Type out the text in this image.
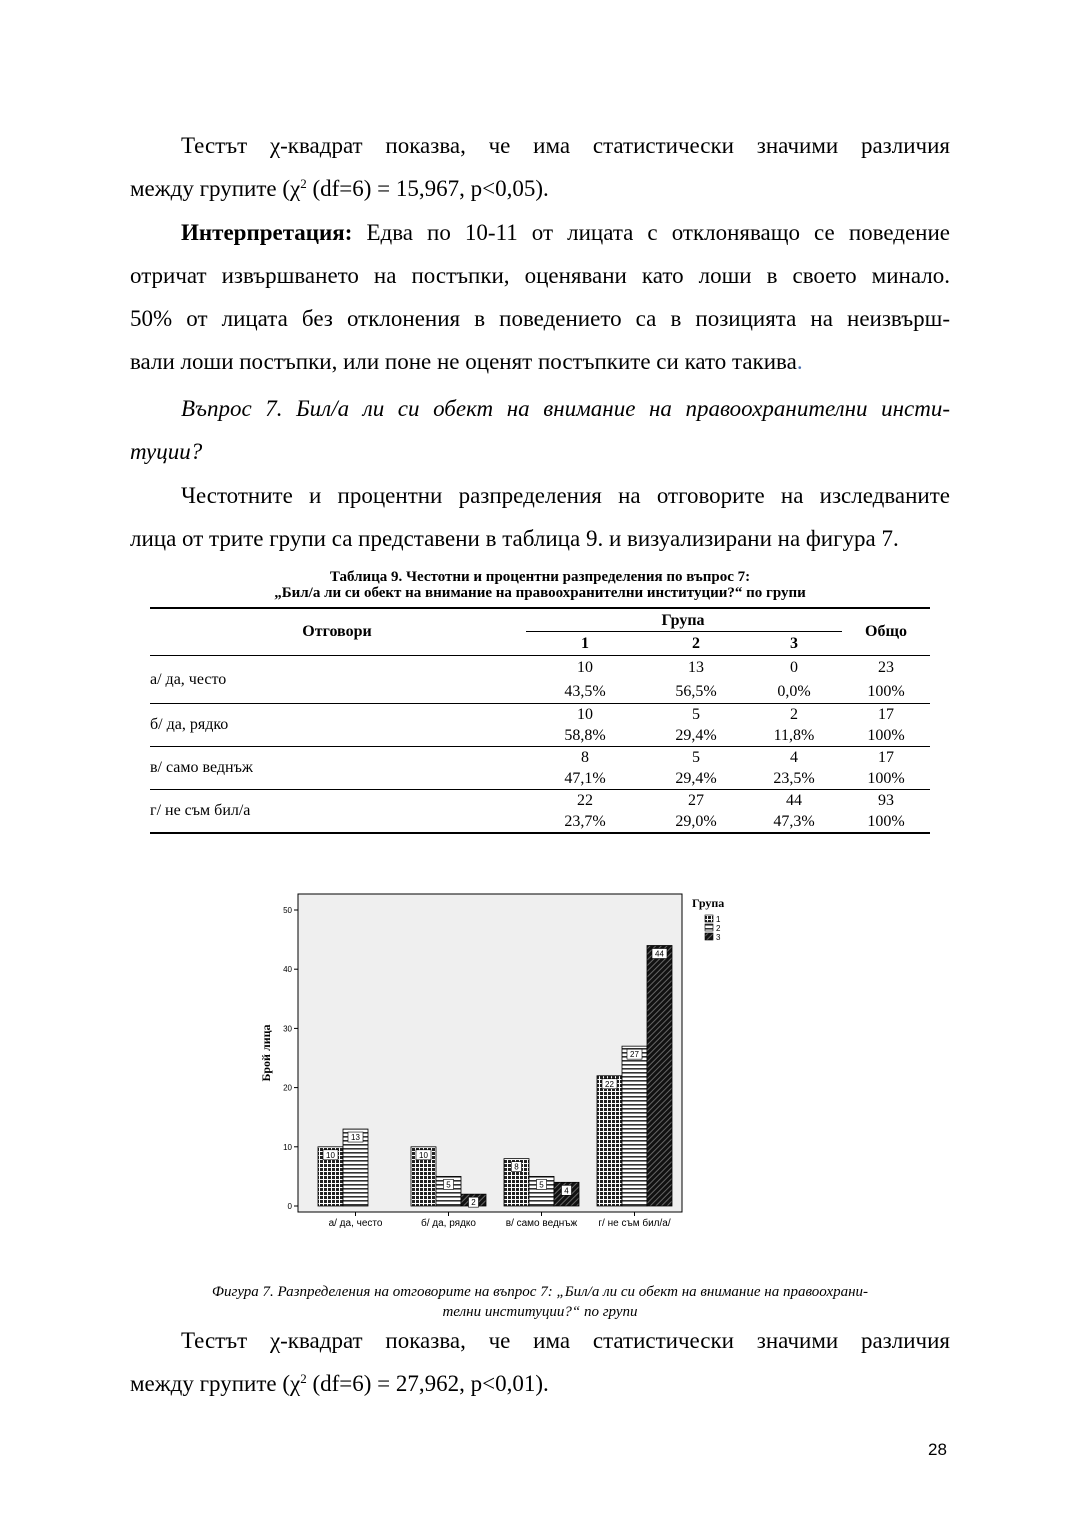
Тестът χ-квадрат показва, че има статистически значими различия
между групите ($\chi^2$ (df=6) = 15,967, p<0,05).
Интерпретация: Едва по 10-11 от лицата с отклоняващо се поведение
отричат извършването на постъпки, оценявани като лоши в своето минало.
50% от лицата без отклонения в поведението са в позицията на неизвърш-
вали лоши постъпки, или поне не оценят постъпките си като такива.
Въпрос 7. Бил/а ли си обект на внимание на правоохранителни инсти-
туции?
Честотните и процентни разпределения на отговорите на изследваните
лица от трите групи са представени в таблица 9. и визуализирани на фигура 7.
Таблица 9. Честотни и процентни разпределения по въпрос 7:
„Бил/а ли си обект на внимание на правоохранителни институции?“ по групи
Отговори	Група			Общо
	1	2	3	
а/ да, често	10	13	0	23
	43,5%	56,5%	0,0%	100%
б/ да, рядко	10	5	2	17
	58,8%	29,4%	11,8%	100%
в/ само веднъж	8	5	4	17
	47,1%	29,4%	23,5%	100%
г/ не съм бил/а	22	27	44	93
	23,7%	29,0%	47,3%	100%
0
10
20
30
40
50
10
13
10
5
2
8
5
4
22
27
44
а/ да, често	б/ да, рядко	в/ само веднъж г/ не съм бил/а/
Брой лица
Група
1
2
3
Фигура 7. Разпределения на отговорите на въпрос 7: „Бил/а ли си обект на внимание на правоохрани-
телни институции?“ по групи
Тестът χ-квадрат показва, че има статистически значими различия
между групите ($\chi^2$ (df=6) = 27,962, p<0,01).
28
